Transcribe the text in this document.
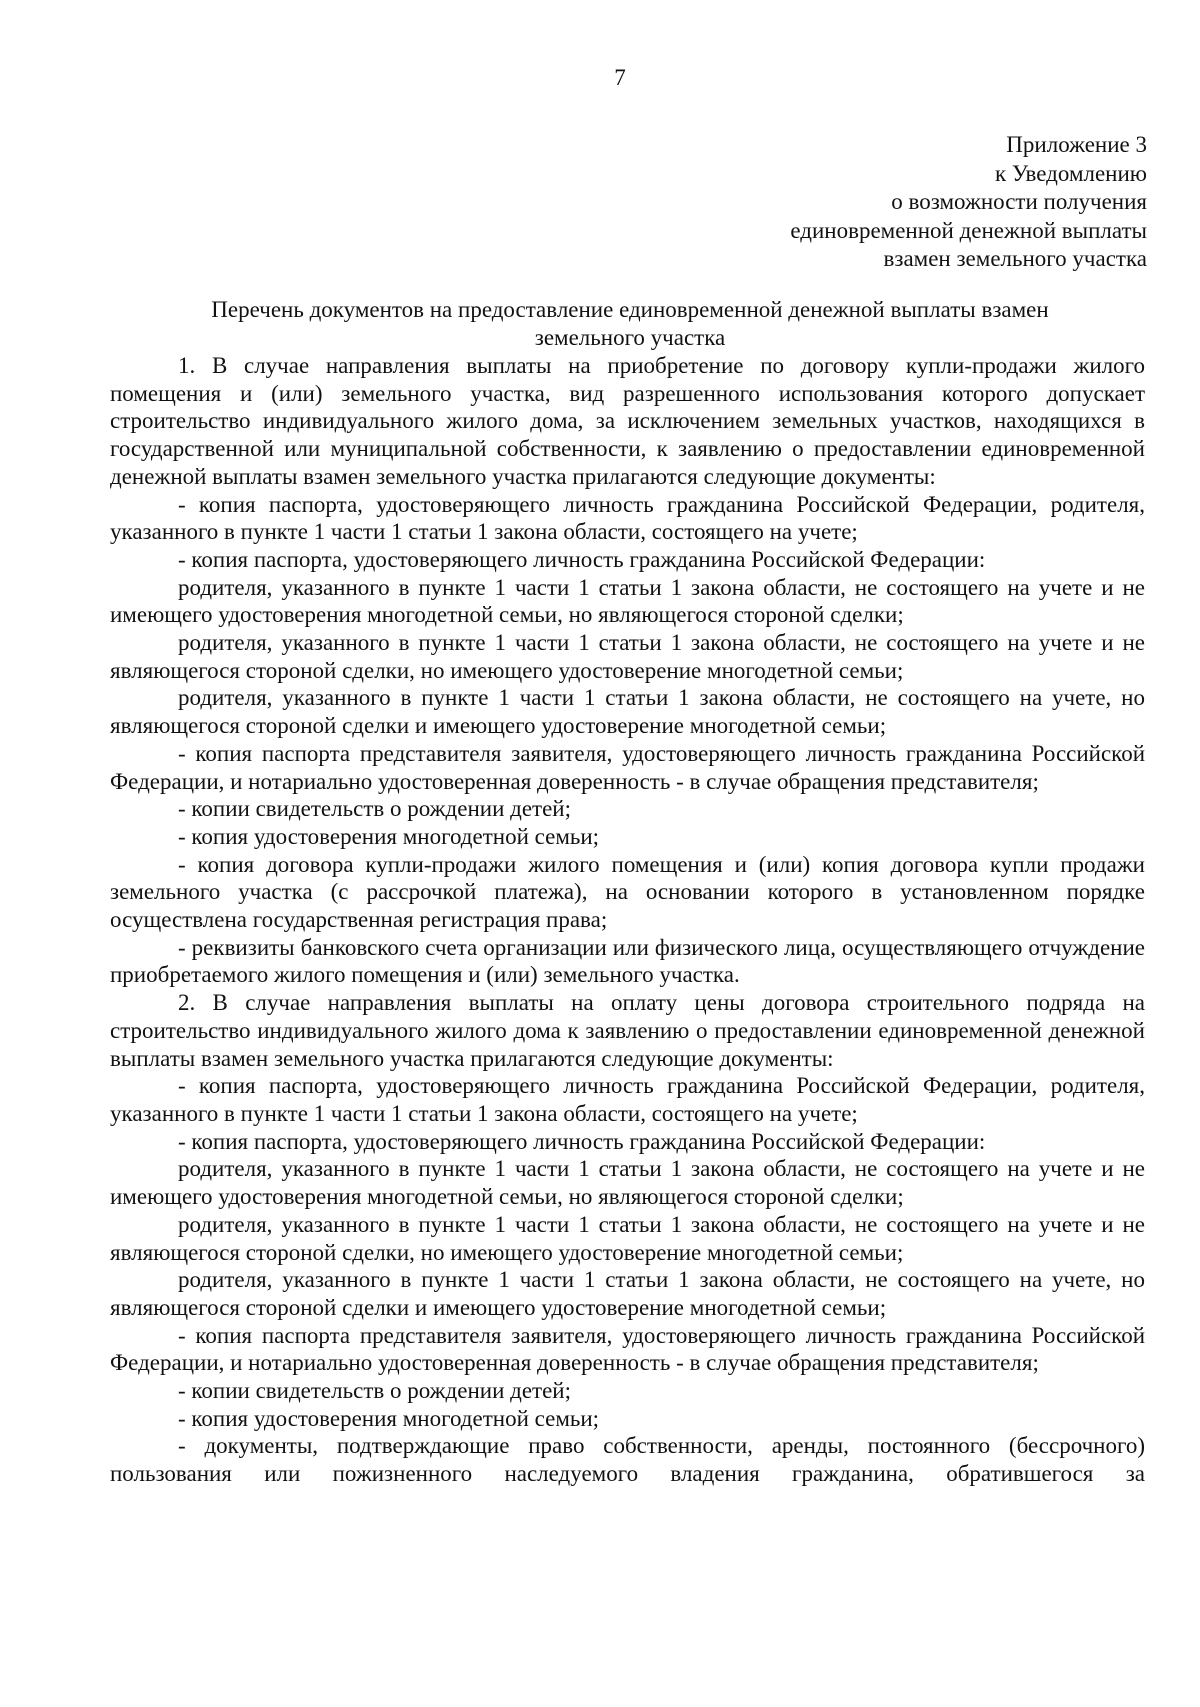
7
Приложение 3
к Уведомлению
о возможности получения
единовременной денежной выплаты
взамен земельного участка
Перечень документов на предоставление единовременной денежной выплаты взамен
земельного участка

1. В случае направления выплаты на приобретение по договору купли-продажи жилого помещения и (или) земельного участка, вид разрешенного использования которого допускает строительство индивидуального жилого дома, за исключением земельных участков, находящихся в государственной или муниципальной собственности, к заявлению о предоставлении единовременной денежной выплаты взамен земельного участка прилагаются следующие документы:

- копия паспорта, удостоверяющего личность гражданина Российской Федерации, родителя, указанного в пункте 1 части 1 статьи 1 закона области, состоящего на учете;

- копия паспорта, удостоверяющего личность гражданина Российской Федерации:

родителя, указанного в пункте 1 части 1 статьи 1 закона области, не состоящего на учете и не имеющего удостоверения многодетной семьи, но являющегося стороной сделки;

родителя, указанного в пункте 1 части 1 статьи 1 закона области, не состоящего на учете и не являющегося стороной сделки, но имеющего удостоверение многодетной семьи;

родителя, указанного в пункте 1 части 1 статьи 1 закона области, не состоящего на учете, но являющегося стороной сделки и имеющего удостоверение многодетной семьи;

- копия паспорта представителя заявителя, удостоверяющего личность гражданина Российской Федерации, и нотариально удостоверенная доверенность - в случае обращения представителя;

- копии свидетельств о рождении детей;

- копия удостоверения многодетной семьи;

- копия договора купли-продажи жилого помещения и (или) копия договора купли продажи земельного участка (с рассрочкой платежа), на основании которого в установленном порядке осуществлена государственная регистрация права;

- реквизиты банковского счета организации или физического лица, осуществляющего отчуждение приобретаемого жилого помещения и (или) земельного участка.

2. В случае направления выплаты на оплату цены договора строительного подряда на строительство индивидуального жилого дома к заявлению о предоставлении единовременной денежной выплаты взамен земельного участка прилагаются следующие документы:

- копия паспорта, удостоверяющего личность гражданина Российской Федерации, родителя, указанного в пункте 1 части 1 статьи 1 закона области, состоящего на учете;

- копия паспорта, удостоверяющего личность гражданина Российской Федерации:

родителя, указанного в пункте 1 части 1 статьи 1 закона области, не состоящего на учете и не имеющего удостоверения многодетной семьи, но являющегося стороной сделки;

родителя, указанного в пункте 1 части 1 статьи 1 закона области, не состоящего на учете и не являющегося стороной сделки, но имеющего удостоверение многодетной семьи;

родителя, указанного в пункте 1 части 1 статьи 1 закона области, не состоящего на учете, но являющегося стороной сделки и имеющего удостоверение многодетной семьи;

- копия паспорта представителя заявителя, удостоверяющего личность гражданина Российской Федерации, и нотариально удостоверенная доверенность - в случае обращения представителя;

- копии свидетельств о рождении детей;

- копия удостоверения многодетной семьи;

- документы, подтверждающие право собственности, аренды, постоянного (бессрочного) пользования или пожизненного наследуемого владения гражданина, обратившегося за
